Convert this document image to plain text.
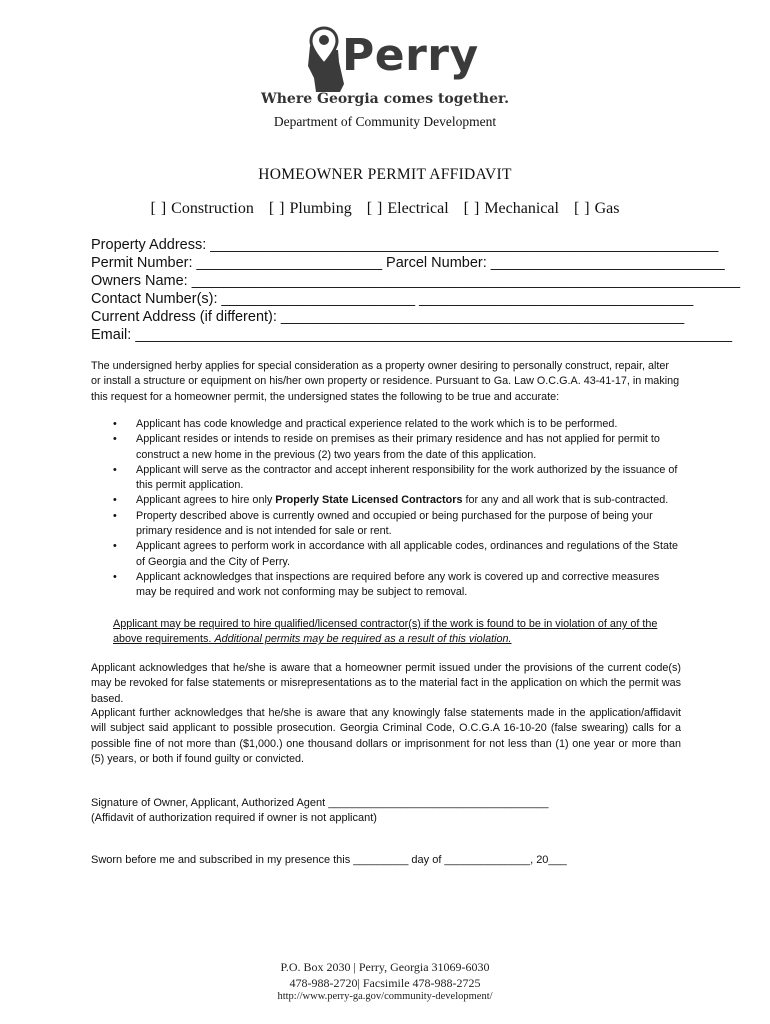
Perry
Where Georgia comes together.
Department of Community Development
HOMEOWNER PERMIT AFFIDAVIT
[ ] Construction [ ] Plumbing [ ] Electrical [ ] Mechanical [ ] Gas
Property Address: _______________________________________________________________
Permit Number: _______________________ Parcel Number: _____________________________
Owners Name: ____________________________________________________________________
Contact Number(s): ________________________ __________________________________
Current Address (if different): __________________________________________________
Email: __________________________________________________________________________
The undersigned herby applies for special consideration as a property owner desiring to personally construct, repair, alter or install a structure or equipment on his/her own property or residence. Pursuant to Ga. Law O.C.G.A. 43-41-17, in making this request for a homeowner permit, the undersigned states the following to be true and accurate:
• Applicant has code knowledge and practical experience related to the work which is to be performed.
• Applicant resides or intends to reside on premises as their primary residence and has not applied for permit to construct a new home in the previous (2) two years from the date of this application.
• Applicant will serve as the contractor and accept inherent responsibility for the work authorized by the issuance of this permit application.
• Applicant agrees to hire only Properly State Licensed Contractors for any and all work that is sub-contracted.
• Property described above is currently owned and occupied or being purchased for the purpose of being your primary residence and is not intended for sale or rent.
• Applicant agrees to perform work in accordance with all applicable codes, ordinances and regulations of the State of Georgia and the City of Perry.
• Applicant acknowledges that inspections are required before any work is covered up and corrective measures may be required and work not conforming may be subject to removal.
Applicant may be required to hire qualified/licensed contractor(s) if the work is found to be in violation of any of the above requirements. Additional permits may be required as a result of this violation.
Applicant acknowledges that he/she is aware that a homeowner permit issued under the provisions of the current code(s) may be revoked for false statements or misrepresentations as to the material fact in the application on which the permit was based.
Applicant further acknowledges that he/she is aware that any knowingly false statements made in the application/affidavit will subject said applicant to possible prosecution. Georgia Criminal Code, O.C.G.A 16-10-20 (false swearing) calls for a possible fine of not more than ($1,000.) one thousand dollars or imprisonment for not less than (1) one year or more than (5) years, or both if found guilty or convicted.
Signature of Owner, Applicant, Authorized Agent ____________________________________
(Affidavit of authorization required if owner is not applicant)
Sworn before me and subscribed in my presence this _________ day of ______________, 20___
P.O. Box 2030 | Perry, Georgia 31069-6030
478-988-2720| Facsimile 478-988-2725
http://www.perry-ga.gov/community-development/
